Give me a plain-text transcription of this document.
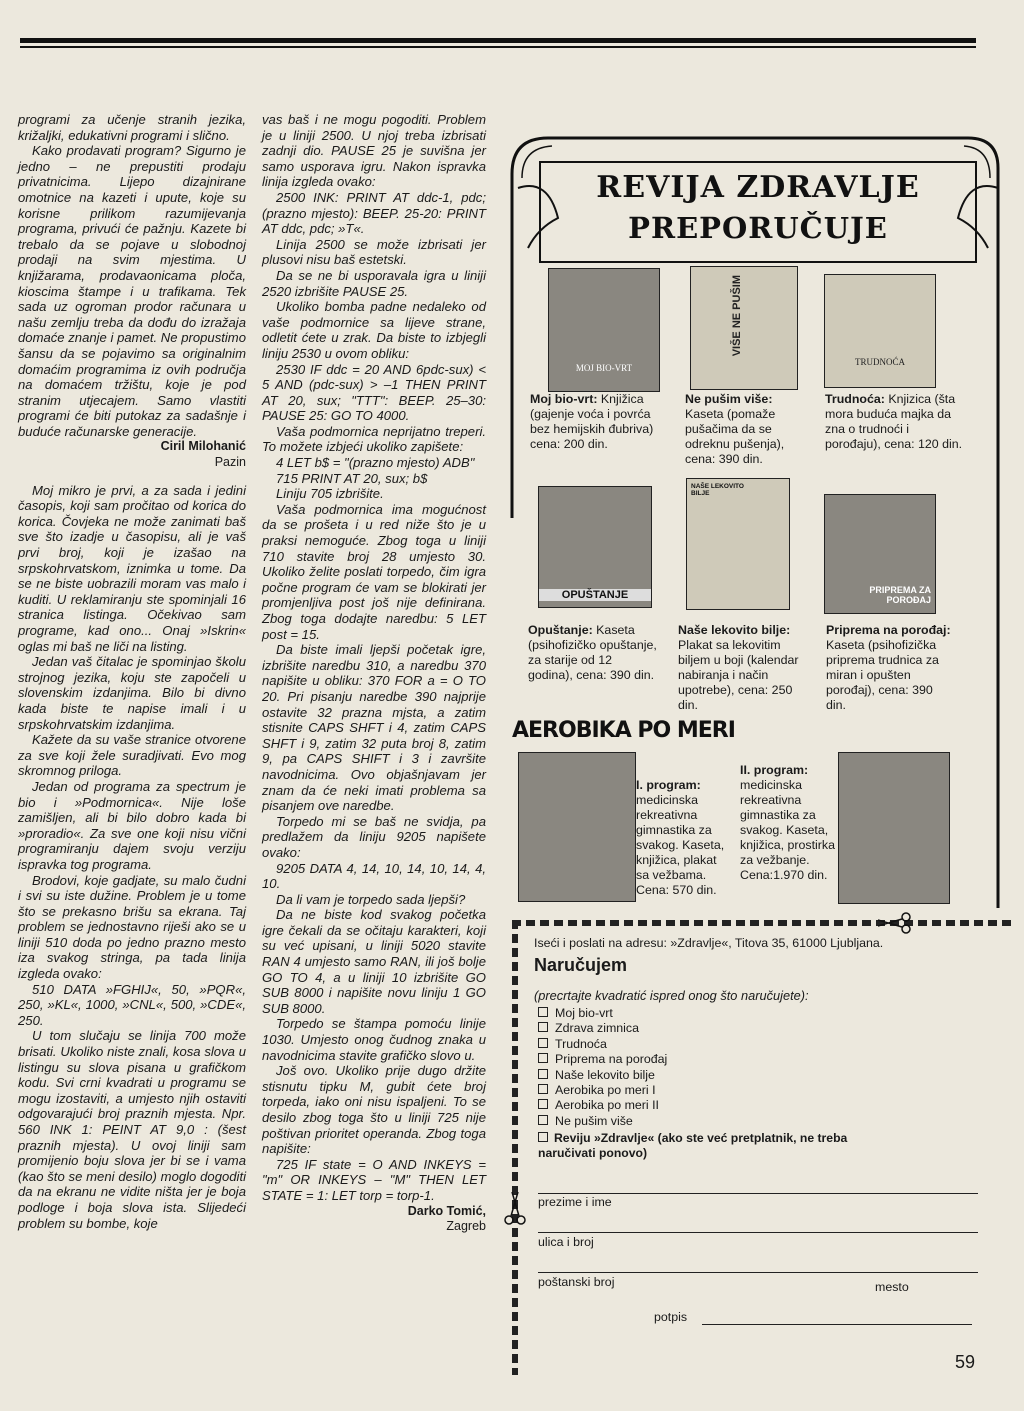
programi za učenje stranih jezika, križaljki, edukativni programi i slično.

Kako prodavati program? Sigurno je jedno – ne prepustiti prodaju privatnicima. Lijepo dizajnirane omotnice na kazeti i upute, koje su korisne prilikom razumijevanja programa, privući će pažnju. Kazete bi trebalo da se pojave u slobodnoj prodaji na svim mjestima. U knjižarama, prodavaonicama ploča, kioscima štampe i u trafikama. Tek sada uz ogroman prodor računara u našu zemlju treba da dođu do izražaja domaće znanje i pamet. Ne propustimo šansu da se pojavimo sa originalnim domaćim programima iz ovih područja na domaćem tržištu, koje je pod stranim utjecajem. Samo vlastiti programi će biti putokaz za sadašnje i buduće računarske generacije.

Ciril Milohanić
Pazin

Moj mikro je prvi, a za sada i jedini časopis, koji sam pročitao od korica do korica. Čovjeka ne može zanimati baš sve što izadje u časopisu, ali je vaš prvi broj, koji je izašao na srpskohrvatskom, iznimka u tome. Da se ne biste uobrazili moram vas malo i kuditi. U reklamiranju ste spominjali 16 stranica listinga. Očekivao sam programe, kad ono... Onaj »Iskrin« oglas mi baš ne liči na listing.

Jedan vaš čitalac je spominjao školu strojnog jezika, koju ste započeli u slovenskim izdanjima. Bilo bi divno kada biste te napise imali i u srpskohrvatskim izdanjima.

Kažete da su vaše stranice otvorene za sve koji žele suradjivati. Evo mog skromnog priloga.

Jedan od programa za spectrum je bio i »Podmornica«. Nije loše zamišljen, ali bi bilo dobro kada bi »proradio«. Za sve one koji nisu vični programiranju dajem svoju verziju ispravka tog programa.

Brodovi, koje gadjate, su malo čudni i svi su iste dužine. Problem je u tome što se prekasno brišu sa ekrana. Taj problem se jednostavno riješi ako se u liniji 510 doda po jedno prazno mesto iza svakog stringa, pa tada linija izgleda ovako:

510 DATA »FGHIJ«, 50, »PQR«, 250, »KL«, 1000, »CNL«, 500, »CDE«, 250.

U tom slučaju se linija 700 može brisati. Ukoliko niste znali, kosa slova u listingu su slova pisana u grafičkom kodu. Svi crni kvadrati u programu se mogu izostaviti, a umjesto njih ostaviti odgovarajući broj praznih mjesta. Npr. 560 INK 1: PEINT AT 9,0 : (šest praznih mjesta). U ovoj liniji sam promijenio boju slova jer bi se i vama (kao što se meni desilo) moglo dogoditi da na ekranu ne vidite ništa jer je boja podloge i boja slova ista. Slijedeći problem su bombe, koje

vas baš i ne mogu pogoditi. Problem je u liniji 2500. U njoj treba izbrisati zadnji dio. PAUSE 25 je suvišna jer samo usporava igru. Nakon ispravka linija izgleda ovako:

2500 INK: PRINT AT ddc-1, pdc; (prazno mjesto): BEEP. 25-20: PRINT AT ddc, pdc; »T«.

Linija 2500 se može izbrisati jer plusovi nisu baš estetski.

Da se ne bi usporavala igra u liniji 2520 izbrišite PAUSE 25.

Ukoliko bomba padne nedaleko od vaše podmornice sa lijeve strane, odletit ćete u zrak. Da biste to izbjegli liniju 2530 u ovom obliku:

2530 IF ddc = 20 AND 6pdc-sux) < 5 AND (pdc-sux) > –1 THEN PRINT AT 20, sux; "TTT": BEEP. 25–30: PAUSE 25: GO TO 4000.

Vaša podmornica neprijatno treperi. To možete izbjeći ukoliko zapišete:

4 LET b$ = "(prazno mjesto) ADB"

715 PRINT AT 20, sux; b$

Liniju 705 izbrišite.

Vaša podmornica ima mogućnost da se prošeta i u red niže što je u praksi nemoguće. Zbog toga u liniji 710 stavite broj 28 umjesto 30. Ukoliko želite poslati torpedo, čim igra počne program će vam se blokirati jer promjenljiva post još nije definirana. Zbog toga dodajte naredbu: 5 LET post = 15.

Da biste imali ljepši početak igre, izbrišite naredbu 310, a naredbu 370 napišite u obliku: 370 FOR a = O TO 20. Pri pisanju naredbe 390 najprije ostavite 32 prazna mjsta, a zatim stisnite CAPS SHFT i 4, zatim CAPS SHFT i 9, zatim 32 puta broj 8, zatim 9, pa CAPS SHIFT i 3 i završite navodnicima. Ovo objašnjavam jer znam da će neki imati problema sa pisanjem ove naredbe.

Torpedo mi se baš ne svidja, pa predlažem da liniju 9205 napišete ovako:

9205 DATA 4, 14, 10, 14, 10, 14, 4, 10.

Da li vam je torpedo sada ljepši?

Da ne biste kod svakog početka igre čekali da se očitaju karakteri, koji su već upisani, u liniji 5020 stavite RAN 4 umjesto samo RAN, ili još bolje GO TO 4, a u liniji 10 izbrišite GO SUB 8000 i napišite novu liniju 1 GO SUB 8000.

Torpedo se štampa pomoću linije 1030. Umjesto onog čudnog znaka u navodnicima stavite grafičko slovo u.

Još ovo. Ukoliko prije dugo držite stisnutu tipku M, gubit ćete broj torpeda, iako oni nisu ispaljeni. To se desilo zbog toga što u liniji 725 nije poštivan prioritet operanda. Zbog toga napišite:

725 IF state = O AND INKEYS = "m" OR INKEYS – "M" THEN LET STATE = 1: LET torp = torp-1.

Darko Tomić,
Zagreb
REVIJA ZDRAVLJE
PREPORUČUJE
MOJ BIO-VRT
VIŠE NE PUŠIM
TRUDNOĆA
Moj bio-vrt: Knjižica (gajenje voća i povrća bez hemijskih đubriva) cena: 200 din.
Ne pušim više: Kaseta (pomaže pušačima da se odreknu pušenja), cena: 390 din.
Trudnoća: Knjizica (šta mora buduća majka da zna o trudnoći i porođaju), cena: 120 din.
OPUŠTANJE
NAŠE LEKOVITO BILJE
PRIPREMA ZA POROĐAJ
Opuštanje: Kaseta (psihofizičko opuštanje, za starije od 12 godina), cena: 390 din.
Naše lekovito bilje: Plakat sa lekovitim biljem u boji (kalendar nabiranja i način upotrebe), cena: 250 din.
Priprema na porođaj: Kaseta (psihofizička priprema trudnica za miran i opušten porođaj), cena: 390 din.
AEROBIKA PO MERI
I. program: medicinska rekreativna gimnastika za svakog. Kaseta, knjižica, plakat sa vežbama. Cena: 570 din.
II. program: medicinska rekreativna gimnastika za svakog. Kaseta, knjižica, prostirka za vežbanje. Cena:1.970 din.
Iseći i poslati na adresu: »Zdravlje«, Titova 35, 61000 Ljubljana.
Naručujem
(precrtajte kvadratić ispred onog što naručujete):
Moj bio-vrt
Zdrava zimnica
Trudnoća
Priprema na porođaj
Naše lekovito bilje
Aerobika po meri I
Aerobika po meri II
Ne pušim više
Reviju »Zdravlje« (ako ste već pretplatnik, ne treba naručivati ponovo)
prezime i ime
ulica i broj
poštanski broj	mesto
potpis
59
